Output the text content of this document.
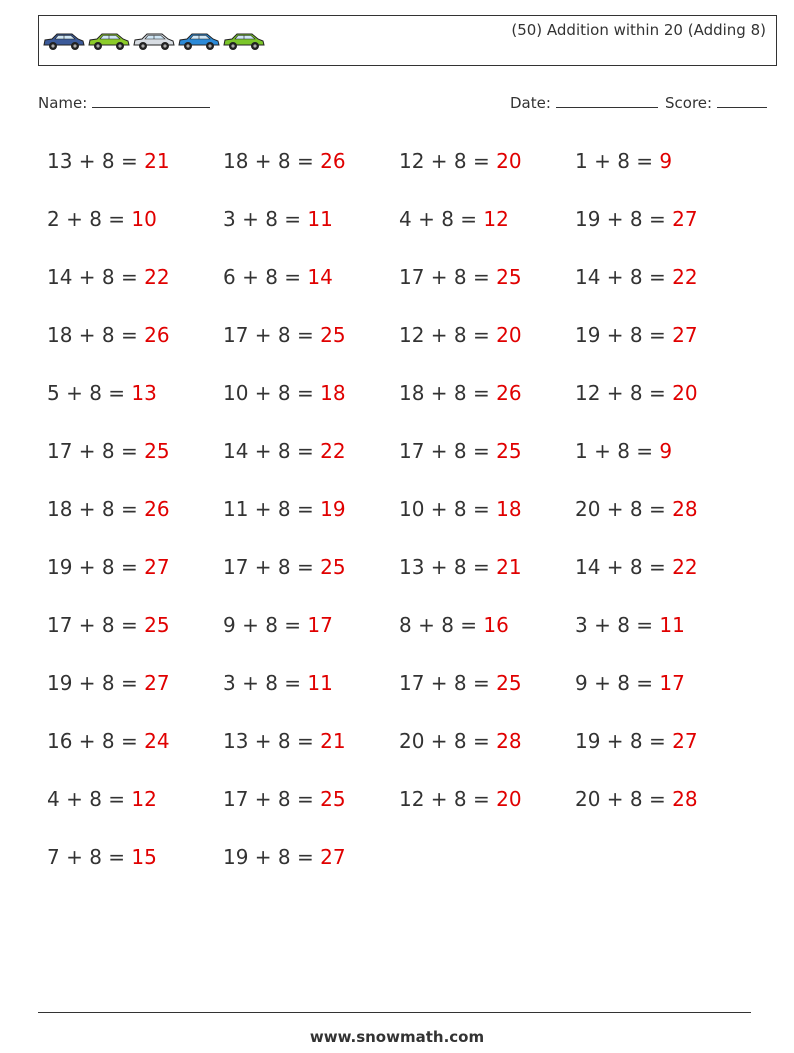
(50) Addition within 20 (Adding 8)
Name:	Date:	Score:
13 + 8 = 21	18 + 8 = 26	12 + 8 = 20	1 + 8 = 9
2 + 8 = 10	3 + 8 = 11	4 + 8 = 12	19 + 8 = 27
14 + 8 = 22	6 + 8 = 14	17 + 8 = 25	14 + 8 = 22
18 + 8 = 26	17 + 8 = 25	12 + 8 = 20	19 + 8 = 27
5 + 8 = 13	10 + 8 = 18	18 + 8 = 26	12 + 8 = 20
17 + 8 = 25	14 + 8 = 22	17 + 8 = 25	1 + 8 = 9
18 + 8 = 26	11 + 8 = 19	10 + 8 = 18	20 + 8 = 28
19 + 8 = 27	17 + 8 = 25	13 + 8 = 21	14 + 8 = 22
17 + 8 = 25	9 + 8 = 17	8 + 8 = 16	3 + 8 = 11
19 + 8 = 27	3 + 8 = 11	17 + 8 = 25	9 + 8 = 17
16 + 8 = 24	13 + 8 = 21	20 + 8 = 28	19 + 8 = 27
4 + 8 = 12	17 + 8 = 25	12 + 8 = 20	20 + 8 = 28
7 + 8 = 15	19 + 8 = 27
www.snowmath.com
